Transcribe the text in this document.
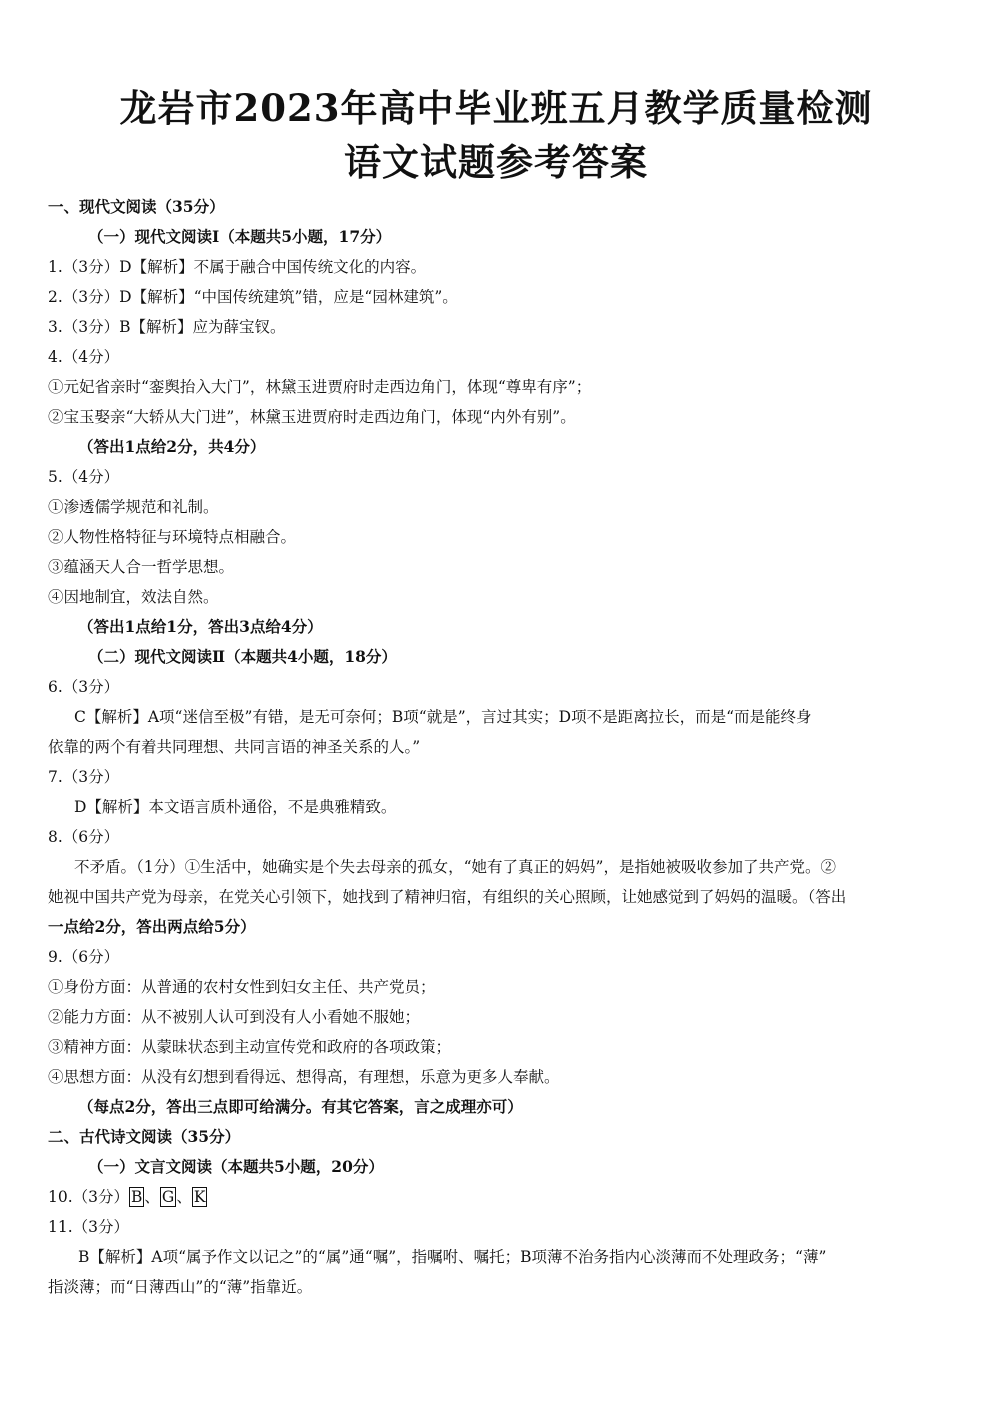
龙岩市2023年高中毕业班五月教学质量检测
语文试题参考答案
一、现代文阅读（35分）
（一）现代文阅读Ⅰ（本题共5小题，17分）
1.（3分）D【解析】不属于融合中国传统文化的内容。
2.（3分）D【解析】“中国传统建筑”错，应是“园林建筑”。
3.（3分）B【解析】应为薛宝钗。
4.（4分）
①元妃省亲时“銮舆抬入大门”，林黛玉进贾府时走西边角门，体现“尊卑有序”；
②宝玉娶亲“大轿从大门进”，林黛玉进贾府时走西边角门，体现“内外有别”。
（答出1点给2分，共4分）
5.（4分）
①渗透儒学规范和礼制。
②人物性格特征与环境特点相融合。
③蕴涵天人合一哲学思想。
④因地制宜，效法自然。
（答出1点给1分，答出3点给4分）
（二）现代文阅读Ⅱ（本题共4小题，18分）
6.（3分）
C【解析】A项“迷信至极”有错，是无可奈何；B项“就是”，言过其实；D项不是距离拉长，而是“而是能终身
依靠的两个有着共同理想、共同言语的神圣关系的人。”
7.（3分）
D【解析】本文语言质朴通俗，不是典雅精致。
8.（6分）
不矛盾。（1分）①生活中，她确实是个失去母亲的孤女，“她有了真正的妈妈”，是指她被吸收参加了共产党。②
她视中国共产党为母亲，在党关心引领下，她找到了精神归宿，有组织的关心照顾，让她感觉到了妈妈的温暖。（答出
一点给2分，答出两点给5分）
9.（6分）
①身份方面：从普通的农村女性到妇女主任、共产党员；
②能力方面：从不被别人认可到没有人小看她不服她；
③精神方面：从蒙昧状态到主动宣传党和政府的各项政策；
④思想方面：从没有幻想到看得远、想得高，有理想，乐意为更多人奉献。
（每点2分，答出三点即可给满分。有其它答案，言之成理亦可）
二、古代诗文阅读（35分）
（一）文言文阅读（本题共5小题，20分）
10.（3分） B 、 G 、 K
11.（3分）
B【解析】A项“属予作文以记之”的“属”通“嘱”，指嘱咐、嘱托；B项薄不治务指内心淡薄而不处理政务；“薄”
指淡薄；而“日薄西山”的“薄”指靠近。
